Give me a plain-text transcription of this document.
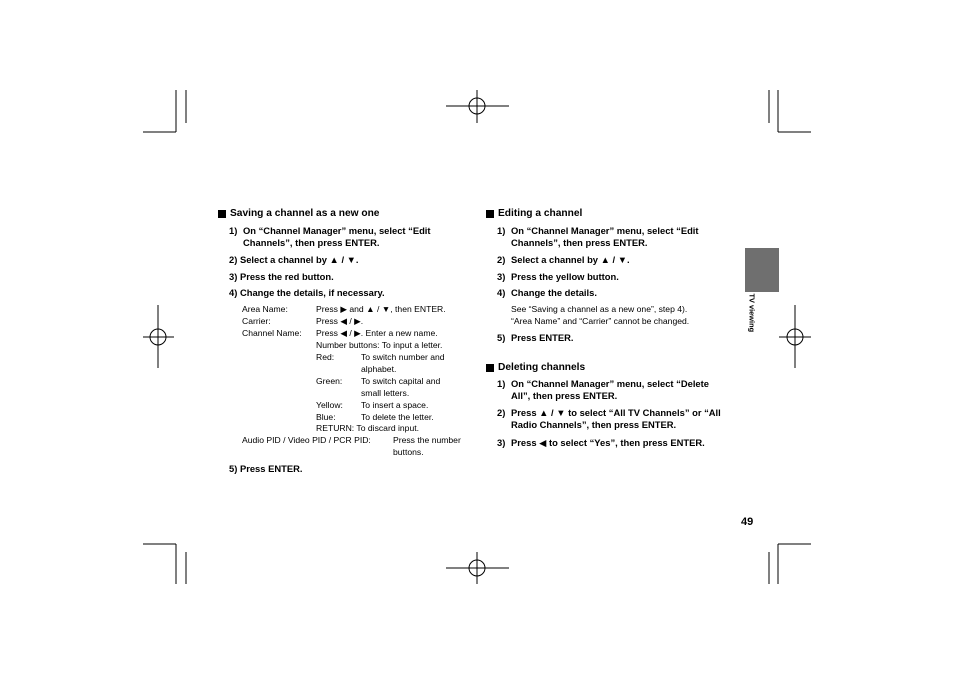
Saving a channel as a new one
1) On “Channel Manager” menu, select “Edit
Channels”, then press ENTER.
2) Select a channel by ▲ / ▼.
3) Press the red button.
4) Change the details, if necessary.
Area Name:	Press ▶ and ▲ / ▼, then ENTER.
Carrier:	Press ◀ / ▶.
Channel Name: Press ◀ / ▶. Enter a new name.
Number buttons: To input a letter.
Red:	To switch number and
alphabet.
Green: To switch capital and
small letters.
Yellow: To insert a space.
Blue:	To delete the letter.
RETURN: To discard input.
Audio PID / Video PID / PCR PID:	Press the number
buttons.
5) Press ENTER.
Editing a channel
1) On “Channel Manager” menu, select “Edit
Channels”, then press ENTER.
2) Select a channel by ▲ / ▼.
3) Press the yellow button.
4) Change the details.
See “Saving a channel as a new one”, step 4).
“Area Name” and “Carrier” cannot be changed.
5) Press ENTER.
Deleting channels
1) On “Channel Manager” menu, select “Delete
All”, then press ENTER.
2) Press ▲ / ▼ to select “All TV Channels” or “All
Radio Channels”, then press ENTER.
3) Press ◀ to select “Yes”, then press ENTER.
TV viewing
49
